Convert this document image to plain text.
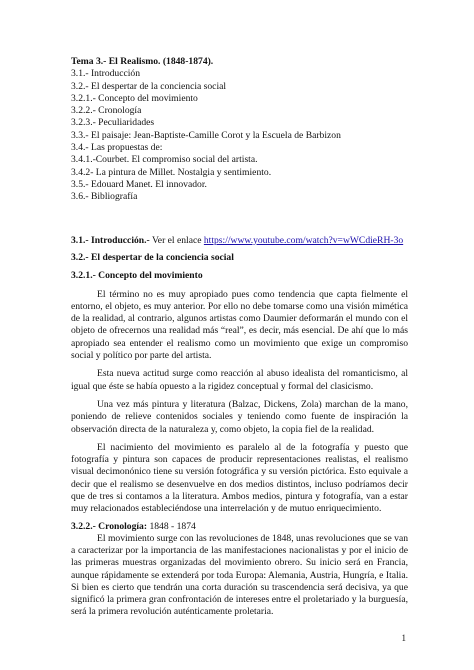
Tema 3.- El Realismo. (1848-1874).

3.1.- Introducción
3.2.- El despertar de la conciencia social
3.2.1.- Concepto del movimiento
3.2.2.- Cronología
3.2.3.- Peculiaridades
3.3.- El paisaje: Jean-Baptiste-Camille Corot y la Escuela de Barbizon
3.4.- Las propuestas de:
3.4.1.-Courbet. El compromiso social del artista.
3.4.2- La pintura de Millet. Nostalgia y sentimiento.
3.5.- Edouard Manet. El innovador.
3.6.- Bibliografía
3.1.- Introducción.- Ver el enlace https://www.youtube.com/watch?v=wWCdieRH-3o

3.2.- El despertar de la conciencia social

3.2.1.- Concepto del movimiento

El término no es muy apropiado pues como tendencia que capta fielmente el entorno, el objeto, es muy anterior. Por ello no debe tomarse como una visión mimética de la realidad, al contrario, algunos artistas como Daumier deformarán el mundo con el objeto de ofrecernos una realidad más “real”, es decir, más esencial. De ahí que lo más apropiado sea entender el realismo como un movimiento que exige un compromiso social y político por parte del artista.

Esta nueva actitud surge como reacción al abuso idealista del romanticismo, al igual que éste se había opuesto a la rigidez conceptual y formal del clasicismo.

Una vez más pintura y literatura (Balzac, Dickens, Zola) marchan de la mano, poniendo de relieve contenidos sociales y teniendo como fuente de inspiración la observación directa de la naturaleza y, como objeto, la copia fiel de la realidad.

El nacimiento del movimiento es paralelo al de la fotografía y puesto que fotografía y pintura son capaces de producir representaciones realistas, el realismo visual decimonónico tiene su versión fotográfica y su versión pictórica. Esto equivale a decir que el realismo se desenvuelve en dos medios distintos, incluso podríamos decir que de tres si contamos a la literatura. Ambos medios, pintura y fotografía, van a estar muy relacionados estableciéndose una interrelación y de mutuo enriquecimiento.

3.2.2.- Cronología: 1848 - 1874

El movimiento surge con las revoluciones de 1848, unas revoluciones que se van a caracterizar por la importancia de las manifestaciones nacionalistas y por el inicio de las primeras muestras organizadas del movimiento obrero. Su inicio será en Francia, aunque rápidamente se extenderá por toda Europa: Alemania, Austria, Hungría, e Italia. Si bien es cierto que tendrán una corta duración su trascendencia será decisiva, ya que significó la primera gran confrontación de intereses entre el proletariado y la burguesía, será la primera revolución auténticamente proletaria.

1
